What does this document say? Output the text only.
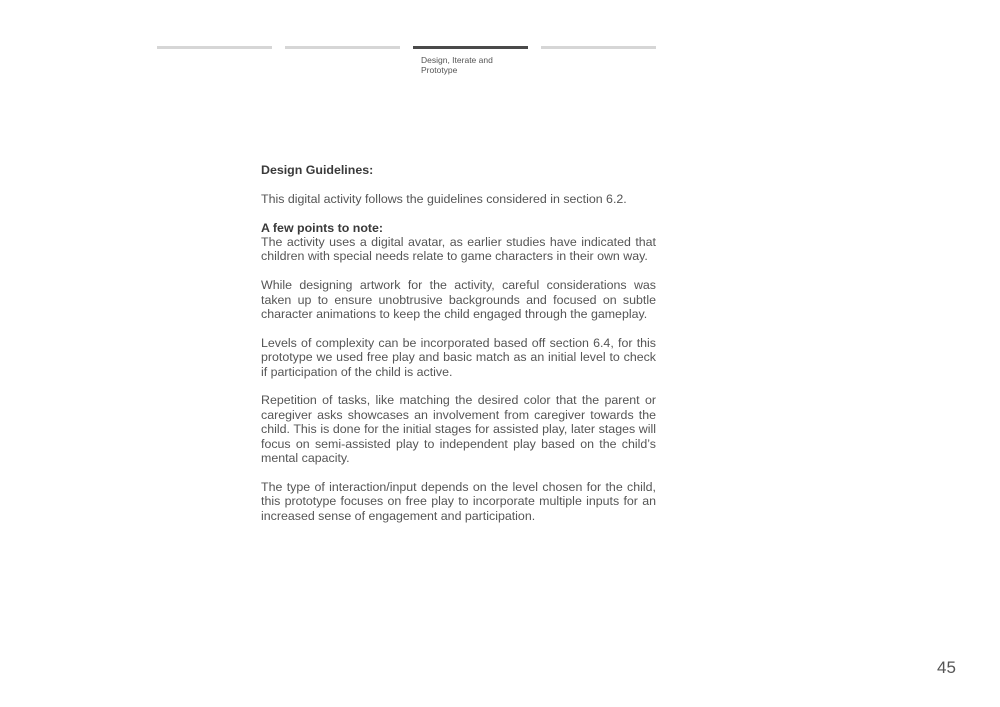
Design, Iterate and Prototype

Design Guidelines:

This digital activity follows the guidelines considered in section 6.2.

A few points to note:
The activity uses a digital avatar, as earlier studies have indicated that children with special needs relate to game characters in their own way.

While designing artwork for the activity, careful considerations was taken up to ensure unobtrusive backgrounds and focused on subtle character animations to keep the child engaged through the gameplay.

Levels of complexity can be incorporated based off section 6.4, for this prototype we used free play and basic match as an initial level to check if participation of the child is active.

Repetition of tasks, like matching the desired color that the parent or caregiver asks showcases an involvement from caregiver towards the child. This is done for the initial stages for assisted play, later stages will focus on semi-assisted play to independent play based on the child’s mental capacity.

The type of interaction/input depends on the level chosen for the child, this prototype focuses on free play to incorporate multiple inputs for an increased sense of engagement and participation.

45
